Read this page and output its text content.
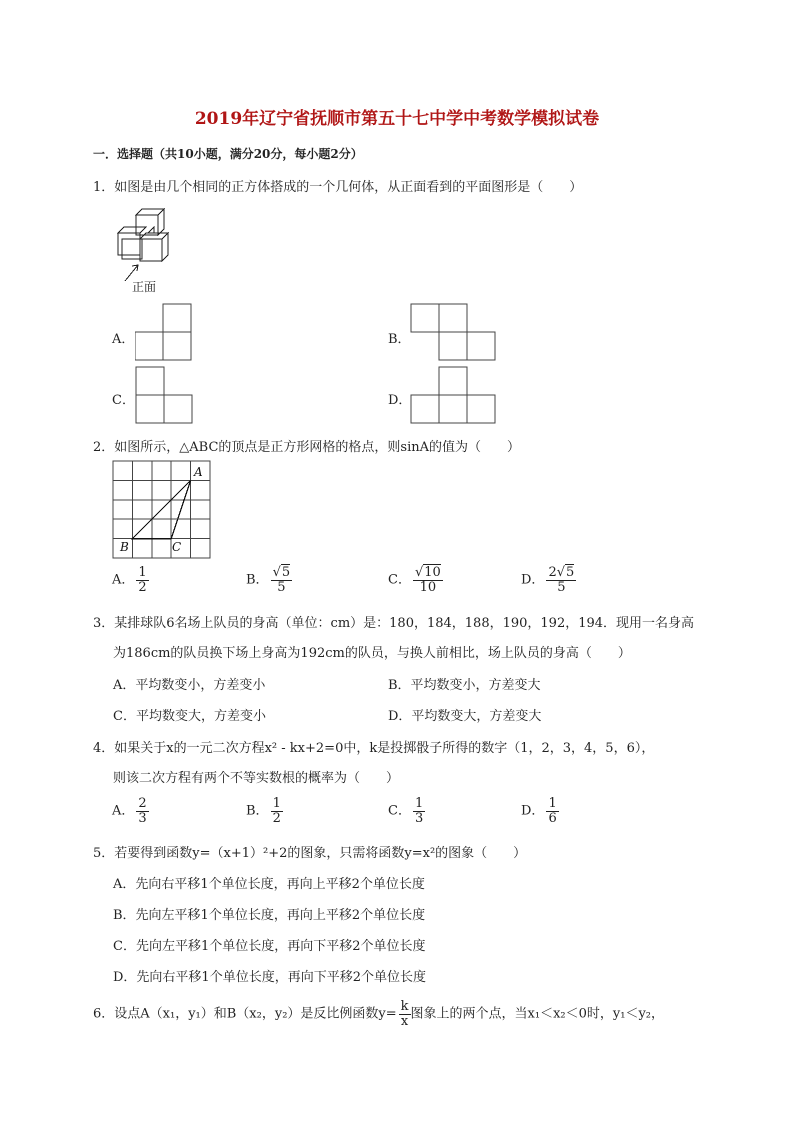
2019年辽宁省抚顺市第五十七中学中考数学模拟试卷
一．选择题（共10小题，满分20分，每小题2分）
1．如图是由几个相同的正方体搭成的一个几何体，从正面看到的平面图形是（　　）
正面
A．	B．
C．	D．
2．如图所示，△ABC的顶点是正方形网格的格点，则sinA的值为（　　）
A
B	C
A． $\frac{1}{2}$	B． $\frac{√5}{5}$	C． $\frac{√10}{10}$	D． $\frac{2√5}{5}$
3．某排球队6名场上队员的身高（单位：cm）是：180，184，188，190，192，194．现用一名身高
为186cm的队员换下场上身高为192cm的队员，与换人前相比，场上队员的身高（　　）
A．平均数变小，方差变小	B．平均数变小，方差变大
C．平均数变大，方差变小	D．平均数变大，方差变大
4．如果关于x的一元二次方程x² - kx+2=0中，k是投掷骰子所得的数字（1，2，3，4，5，6），
则该二次方程有两个不等实数根的概率为（　　）
A． $\frac{2}{3}$	B． $\frac{1}{2}$	C． $\frac{1}{3}$	D． $\frac{1}{6}$
5．若要得到函数y=（x+1）²+2的图象，只需将函数y=x²的图象（　　）
A．先向右平移1个单位长度，再向上平移2个单位长度
B．先向左平移1个单位长度，再向上平移2个单位长度
C．先向左平移1个单位长度，再向下平移2个单位长度
D．先向右平移1个单位长度，再向下平移2个单位长度
6．设点A（x₁，y₁）和B（x₂，y₂）是反比例函数$y= \frac{k}{x}$ 图象上的两个点，当x₁＜x₂＜0时，y₁＜y₂，
